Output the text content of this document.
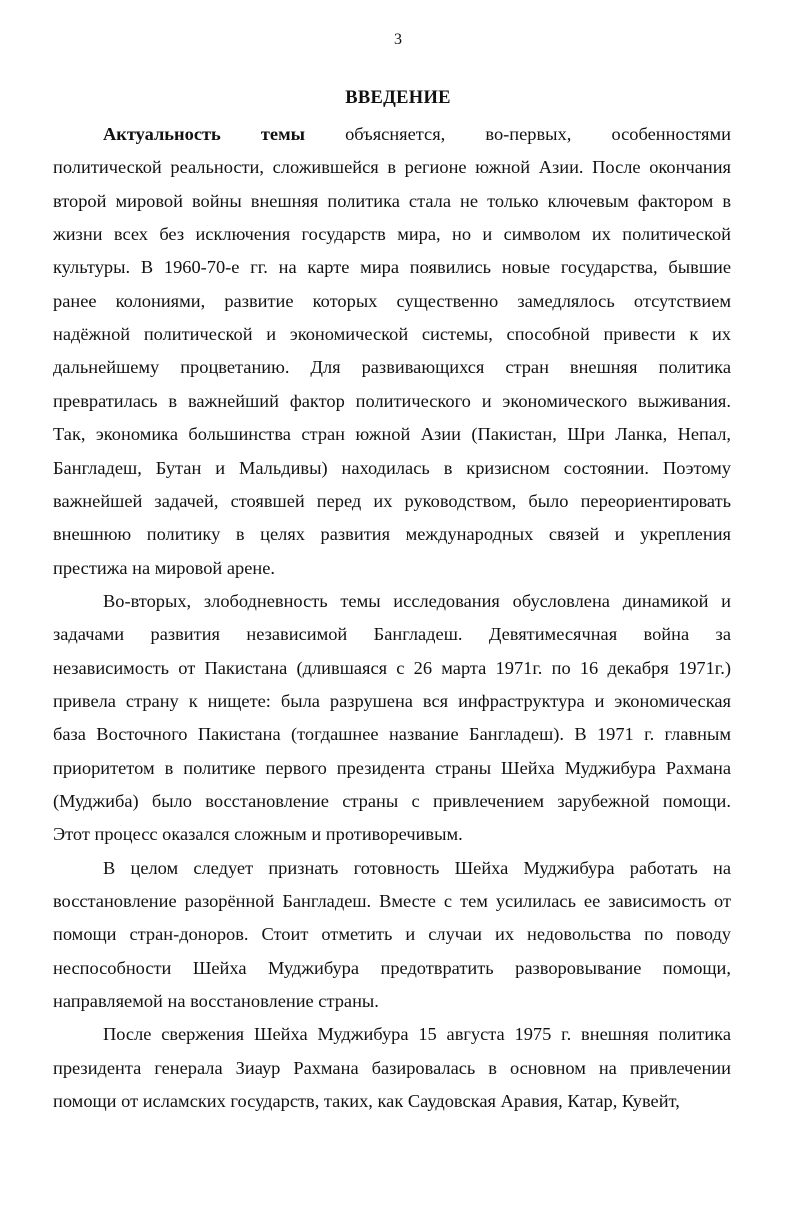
3
ВВЕДЕНИЕ
Актуальность темы объясняется, во-первых, особенностями
политической реальности, сложившейся в регионе южной Азии. После окончания
второй мировой войны внешняя политика стала не только ключевым фактором в
жизни всех без исключения государств мира, но и символом их политической
культуры. В 1960-70-е гг. на карте мира появились новые государства, бывшие
ранее колониями, развитие которых существенно замедлялось отсутствием
надёжной политической и экономической системы, способной привести к их
дальнейшему процветанию. Для развивающихся стран внешняя политика
превратилась в важнейший фактор политического и экономического выживания.
Так, экономика большинства стран южной Азии (Пакистан, Шри Ланка, Непал,
Бангладеш, Бутан и Мальдивы) находилась в кризисном состоянии. Поэтому
важнейшей задачей, стоявшей перед их руководством, было переориентировать
внешнюю политику в целях развития международных связей и укрепления
престижа на мировой арене.
Во-вторых, злободневность темы исследования обусловлена динамикой и
задачами развития независимой Бангладеш. Девятимесячная война за
независимость от Пакистана (длившаяся с 26 марта 1971г. по 16 декабря 1971г.)
привела страну к нищете: была разрушена вся инфраструктура и экономическая
база Восточного Пакистана (тогдашнее название Бангладеш). В 1971 г. главным
приоритетом в политике первого президента страны Шейха Муджибура Рахмана
(Муджиба) было восстановление страны с привлечением зарубежной помощи.
Этот процесс оказался сложным и противоречивым.
В целом следует признать готовность Шейха Муджибура работать на
восстановление разорённой Бангладеш. Вместе с тем усилилась ее зависимость от
помощи стран-доноров. Стоит отметить и случаи их недовольства по поводу
неспособности Шейха Муджибура предотвратить разворовывание помощи,
направляемой на восстановление страны.
После свержения Шейха Муджибура 15 августа 1975 г. внешняя политика
президента генерала Зиаур Рахмана базировалась в основном на привлечении
помощи от исламских государств, таких, как Саудовская Аравия, Катар, Кувейт,
